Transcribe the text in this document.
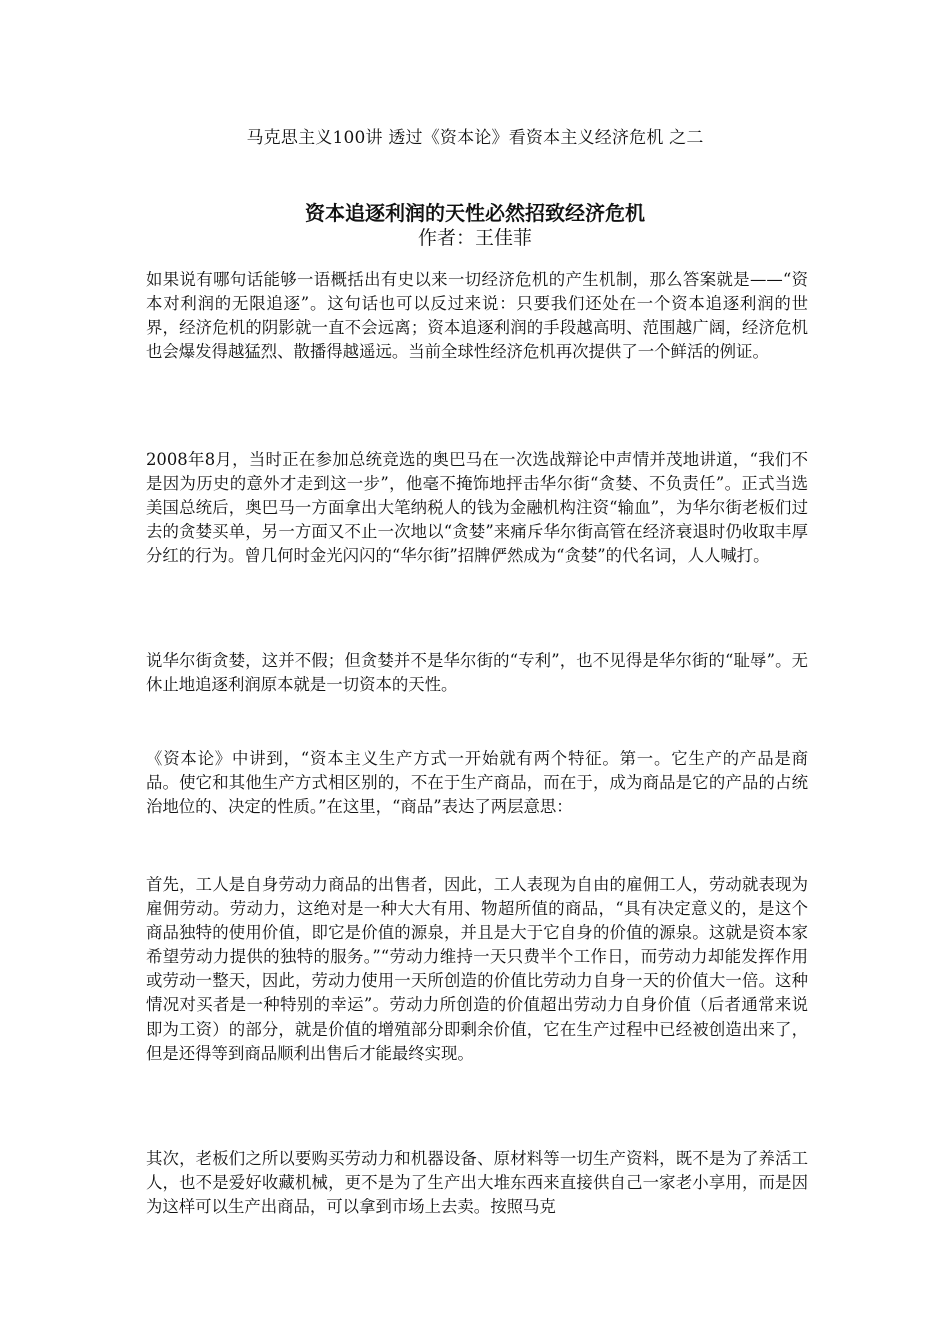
马克思主义100讲 透过《资本论》看资本主义经济危机 之二
资本追逐利润的天性必然招致经济危机
作者：王佳菲

如果说有哪句话能够一语概括出有史以来一切经济危机的产生机制，那么答案就是——“资本对利润的无限追逐”。这句话也可以反过来说：只要我们还处在一个资本追逐利润的世界，经济危机的阴影就一直不会远离；资本追逐利润的手段越高明、范围越广阔，经济危机也会爆发得越猛烈、散播得越遥远。当前全球性经济危机再次提供了一个鲜活的例证。

2008年8月，当时正在参加总统竞选的奥巴马在一次选战辩论中声情并茂地讲道，“我们不是因为历史的意外才走到这一步”，他毫不掩饰地抨击华尔街“贪婪、不负责任”。正式当选美国总统后，奥巴马一方面拿出大笔纳税人的钱为金融机构注资“输血”，为华尔街老板们过去的贪婪买单，另一方面又不止一次地以“贪婪”来痛斥华尔街高管在经济衰退时仍收取丰厚分红的行为。曾几何时金光闪闪的“华尔街”招牌俨然成为“贪婪”的代名词，人人喊打。

说华尔街贪婪，这并不假；但贪婪并不是华尔街的“专利”，也不见得是华尔街的“耻辱”。无休止地追逐利润原本就是一切资本的天性。

《资本论》中讲到，“资本主义生产方式一开始就有两个特征。第一。它生产的产品是商品。使它和其他生产方式相区别的，不在于生产商品，而在于，成为商品是它的产品的占统治地位的、决定的性质。”在这里，“商品”表达了两层意思：

首先，工人是自身劳动力商品的出售者，因此，工人表现为自由的雇佣工人，劳动就表现为雇佣劳动。劳动力，这绝对是一种大大有用、物超所值的商品，“具有决定意义的，是这个商品独特的使用价值，即它是价值的源泉，并且是大于它自身的价值的源泉。这就是资本家希望劳动力提供的独特的服务。”“劳动力维持一天只费半个工作日，而劳动力却能发挥作用或劳动一整天，因此，劳动力使用一天所创造的价值比劳动力自身一天的价值大一倍。这种情况对买者是一种特别的幸运”。劳动力所创造的价值超出劳动力自身价值（后者通常来说即为工资）的部分，就是价值的增殖部分即剩余价值，它在生产过程中已经被创造出来了，但是还得等到商品顺利出售后才能最终实现。

其次，老板们之所以要购买劳动力和机器设备、原材料等一切生产资料，既不是为了养活工人，也不是爱好收藏机械，更不是为了生产出大堆东西来直接供自己一家老小享用，而是因为这样可以生产出商品，可以拿到市场上去卖。按照马克
